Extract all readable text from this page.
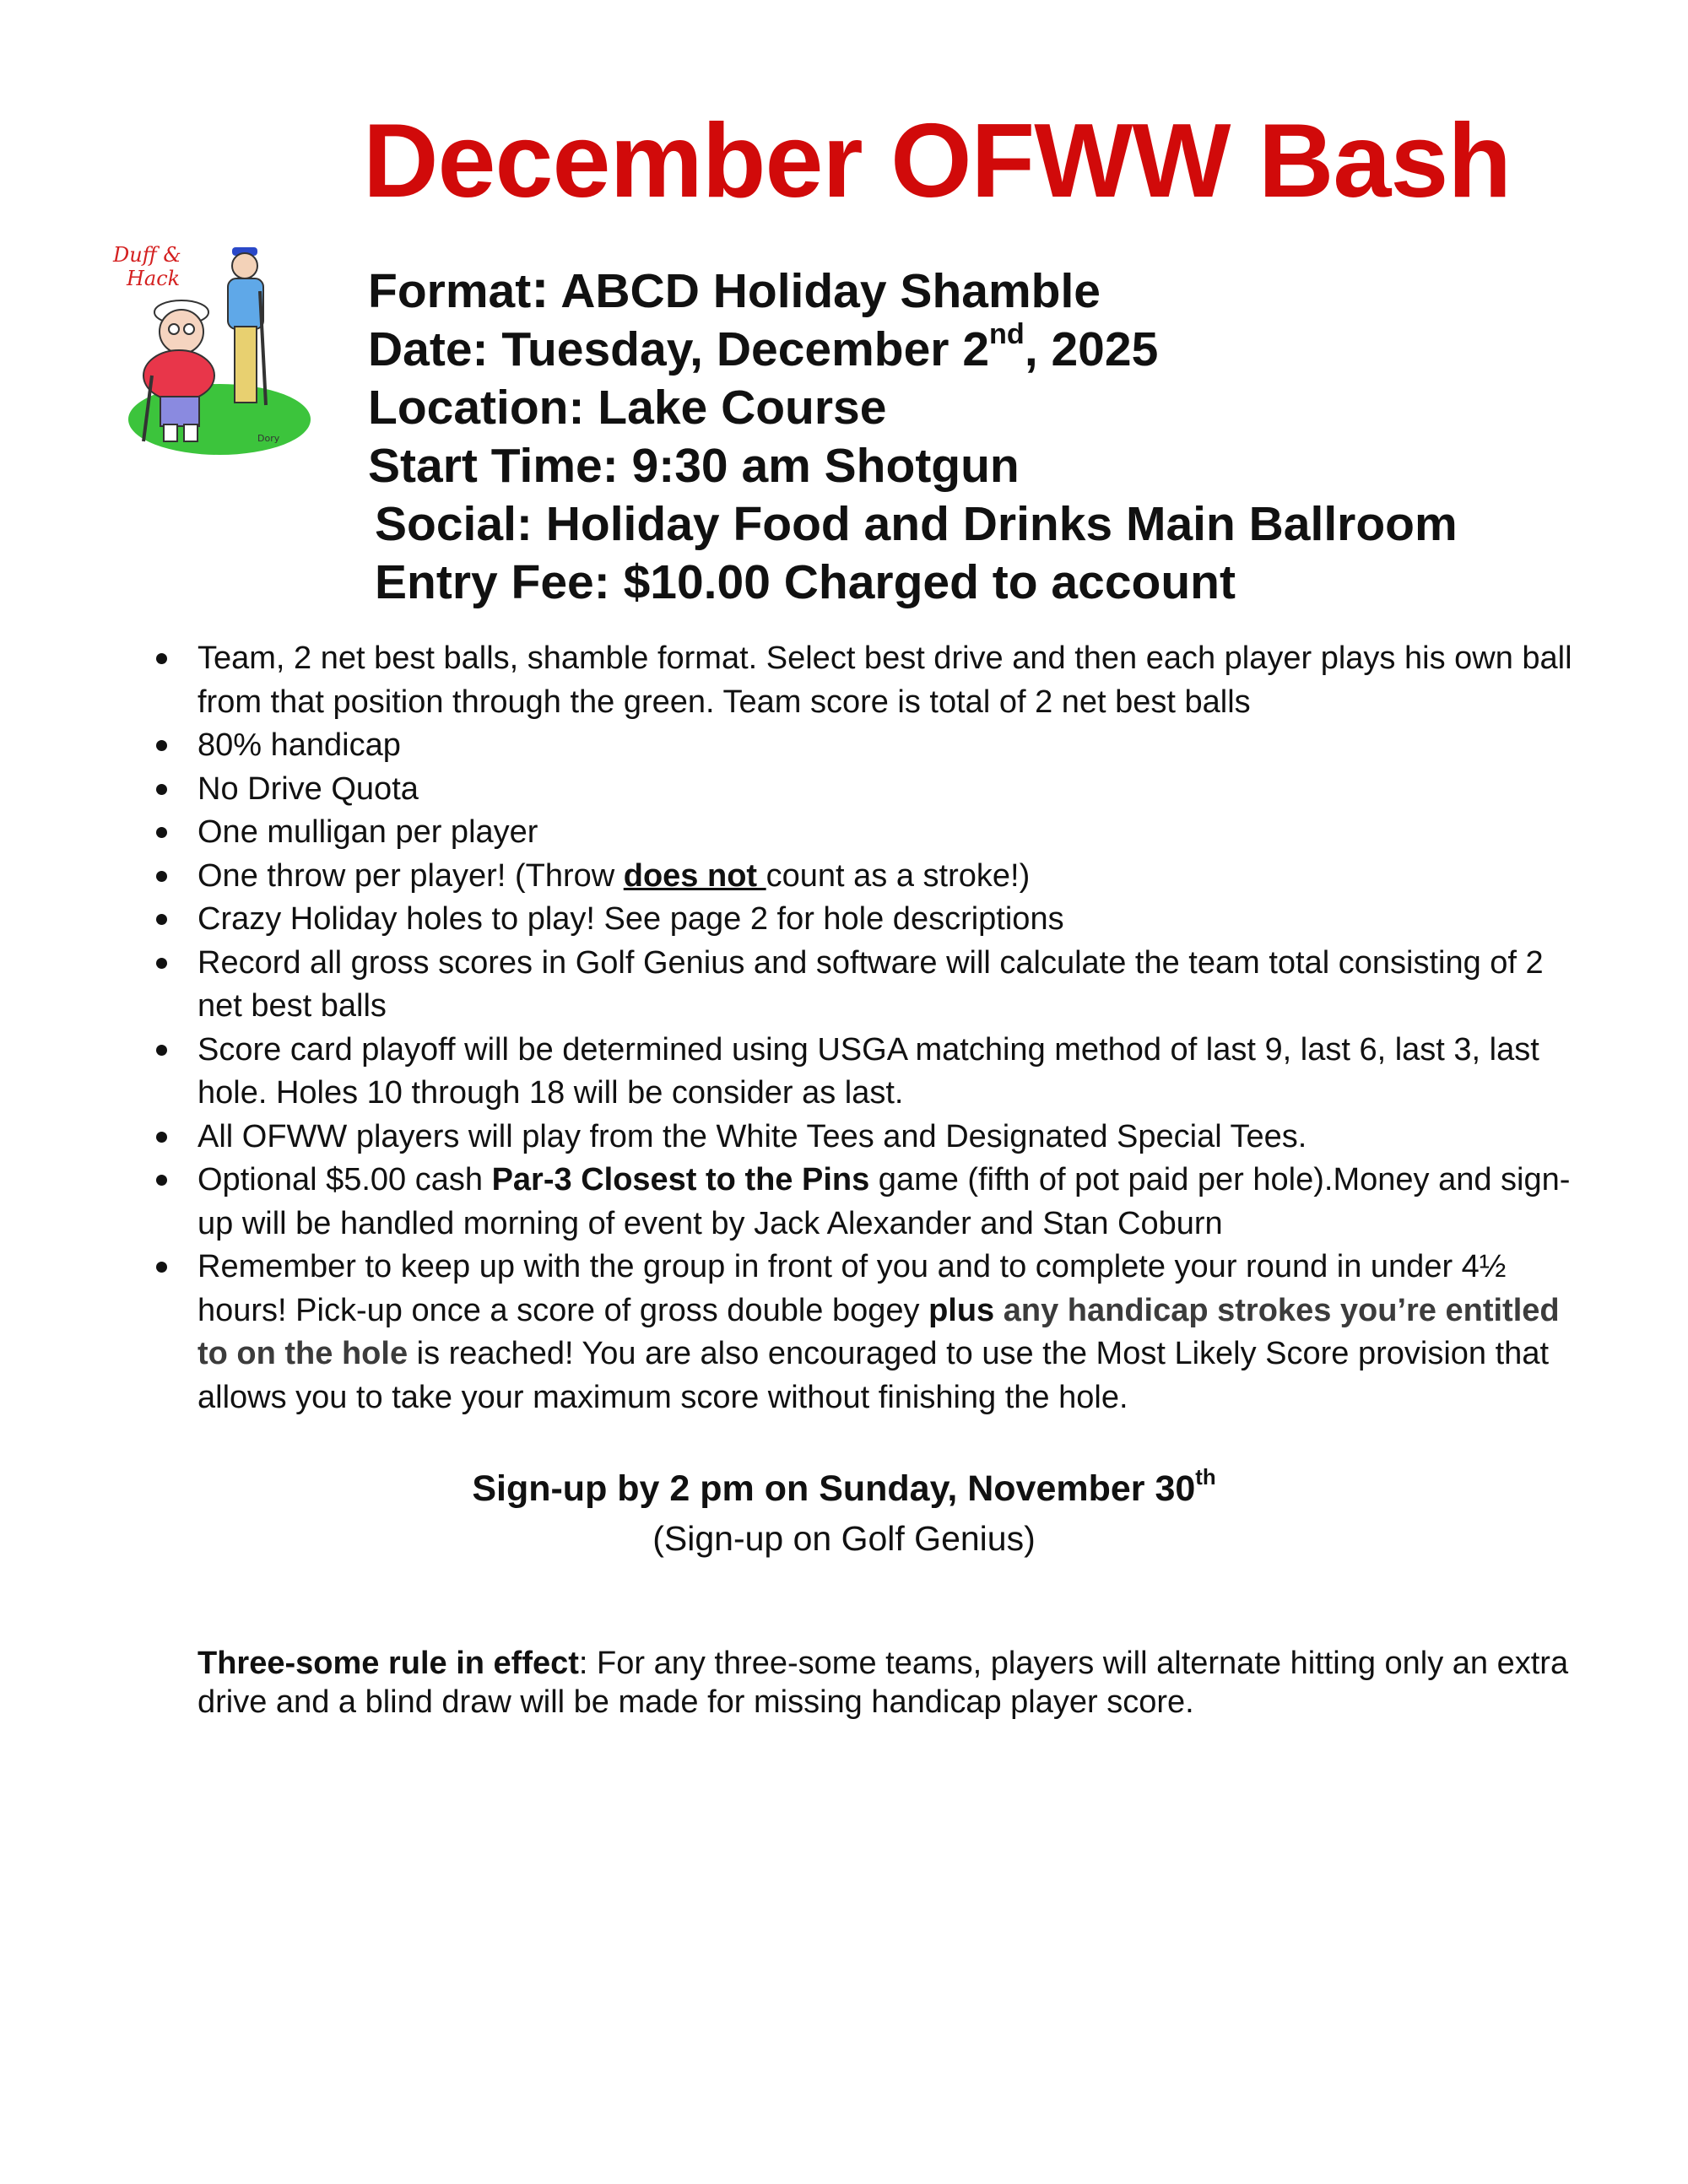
December OFWW Bash
Duff &
Hack
Dory
Format: ABCD Holiday Shamble
Date: Tuesday, December 2nd, 2025
Location: Lake Course
Start Time: 9:30 am Shotgun
Social: Holiday Food and Drinks Main Ballroom
Entry Fee: $10.00 Charged to account
Team, 2 net best balls, shamble format. Select best drive and then each player plays his own ball from that position through the green. Team score is total of 2 net best balls
80% handicap
No Drive Quota
One mulligan per player
One throw per player! (Throw does not count as a stroke!)
Crazy Holiday holes to play! See page 2 for hole descriptions
Record all gross scores in Golf Genius and software will calculate the team total consisting of 2 net best balls
Score card playoff will be determined using USGA matching method of last 9, last 6, last 3, last hole. Holes 10 through 18 will be consider as last.
All OFWW players will play from the White Tees and Designated Special Tees.
Optional $5.00 cash Par-3 Closest to the Pins game (fifth of pot paid per hole).Money and sign-up will be handled morning of event by Jack Alexander and Stan Coburn
Remember to keep up with the group in front of you and to complete your round in under 4½ hours! Pick-up once a score of gross double bogey plus any handicap strokes you’re entitled to on the hole is reached! You are also encouraged to use the Most Likely Score provision that allows you to take your maximum score without finishing the hole.
Sign-up by 2 pm on Sunday, November 30th
(Sign-up on Golf Genius)
Three-some rule in effect: For any three-some teams, players will alternate hitting only an extra drive and a blind draw will be made for missing handicap player score.
